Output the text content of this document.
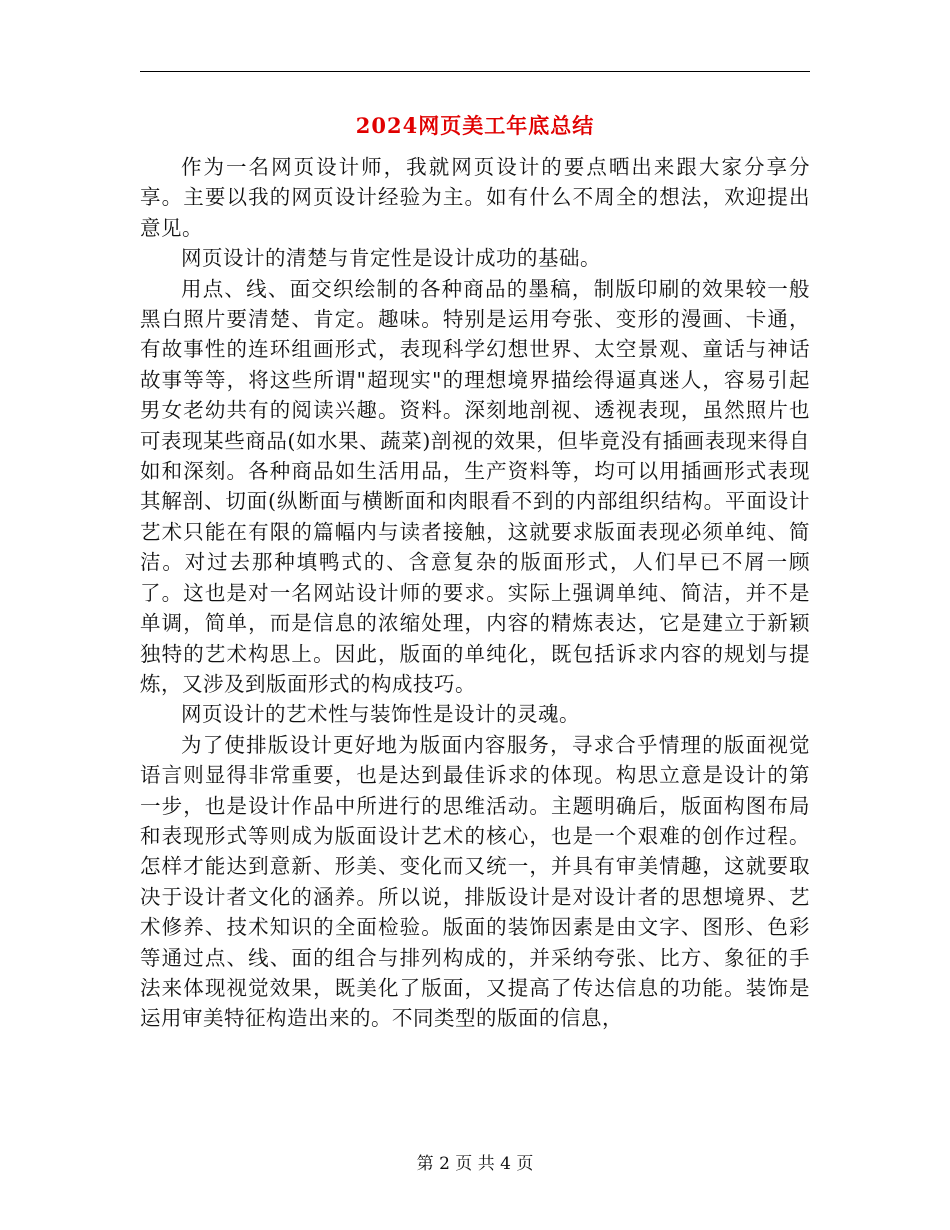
2024网页美工年底总结

作为一名网页设计师，我就网页设计的要点晒出来跟大家分享分享。主要以我的网页设计经验为主。如有什么不周全的想法，欢迎提出意见。

网页设计的清楚与肯定性是设计成功的基础。

用点、线、面交织绘制的各种商品的墨稿，制版印刷的效果较一般黑白照片要清楚、肯定。趣味。特别是运用夸张、变形的漫画、卡通，有故事性的连环组画形式，表现科学幻想世界、太空景观、童话与神话故事等等，将这些所谓"超现实"的理想境界描绘得逼真迷人，容易引起男女老幼共有的阅读兴趣。资料。深刻地剖视、透视表现，虽然照片也可表现某些商品(如水果、蔬菜)剖视的效果，但毕竟没有插画表现来得自如和深刻。各种商品如生活用品，生产资料等，均可以用插画形式表现其解剖、切面(纵断面与横断面和肉眼看不到的内部组织结构。平面设计艺术只能在有限的篇幅内与读者接触，这就要求版面表现必须单纯、简洁。对过去那种填鸭式的、含意复杂的版面形式，人们早已不屑一顾了。这也是对一名网站设计师的要求。实际上强调单纯、简洁，并不是单调，简单，而是信息的浓缩处理，内容的精炼表达，它是建立于新颖独特的艺术构思上。因此，版面的单纯化，既包括诉求内容的规划与提炼，又涉及到版面形式的构成技巧。

网页设计的艺术性与装饰性是设计的灵魂。

为了使排版设计更好地为版面内容服务，寻求合乎情理的版面视觉语言则显得非常重要，也是达到最佳诉求的体现。构思立意是设计的第一步，也是设计作品中所进行的思维活动。主题明确后，版面构图布局和表现形式等则成为版面设计艺术的核心，也是一个艰难的创作过程。怎样才能达到意新、形美、变化而又统一，并具有审美情趣，这就要取决于设计者文化的涵养。所以说，排版设计是对设计者的思想境界、艺术修养、技术知识的全面检验。版面的装饰因素是由文字、图形、色彩等通过点、线、面的组合与排列构成的，并采纳夸张、比方、象征的手法来体现视觉效果，既美化了版面，又提高了传达信息的功能。装饰是运用审美特征构造出来的。不同类型的版面的信息，

第 2 页 共 4 页
